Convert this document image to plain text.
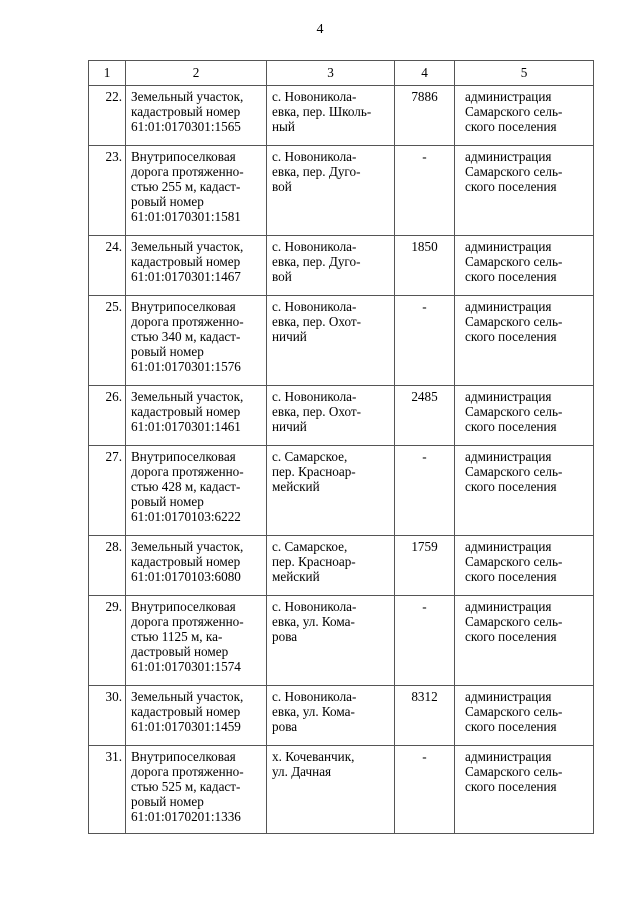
4
1	2	3	4	5
22.	Земельный участок,
кадастровый номер
61:01:0170301:1565	с. Новоникола-
евка, пер. Школь-
ный	7886	администрация
Самарского сель-
ского поселения
23.	Внутрипоселковая
дорога протяженно-
стью 255 м, кадаст-
ровый номер
61:01:0170301:1581	с. Новоникола-
евка, пер. Дуго-
вой	-	администрация
Самарского сель-
ского поселения
24.	Земельный участок,
кадастровый номер
61:01:0170301:1467	с. Новоникола-
евка, пер. Дуго-
вой	1850	администрация
Самарского сель-
ского поселения
25.	Внутрипоселковая
дорога протяженно-
стью 340 м, кадаст-
ровый номер
61:01:0170301:1576	с. Новоникола-
евка, пер. Охот-
ничий	-	администрация
Самарского сель-
ского поселения
26.	Земельный участок,
кадастровый номер
61:01:0170301:1461	с. Новоникола-
евка, пер. Охот-
ничий	2485	администрация
Самарского сель-
ского поселения
27.	Внутрипоселковая
дорога протяженно-
стью 428 м, кадаст-
ровый номер
61:01:0170103:6222	с. Самарское,
пер. Красноар-
мейский	-	администрация
Самарского сель-
ского поселения
28.	Земельный участок,
кадастровый номер
61:01:0170103:6080	с. Самарское,
пер. Красноар-
мейский	1759	администрация
Самарского сель-
ского поселения
29.	Внутрипоселковая
дорога протяженно-
стью 1125 м, ка-
дастровый номер
61:01:0170301:1574	с. Новоникола-
евка, ул. Кома-
рова	-	администрация
Самарского сель-
ского поселения
30.	Земельный участок,
кадастровый номер
61:01:0170301:1459	с. Новоникола-
евка, ул. Кома-
рова	8312	администрация
Самарского сель-
ского поселения
31.	Внутрипоселковая
дорога протяженно-
стью 525 м, кадаст-
ровый номер
61:01:0170201:1336	х. Кочеванчик,
ул. Дачная	-	администрация
Самарского сель-
ского поселения
